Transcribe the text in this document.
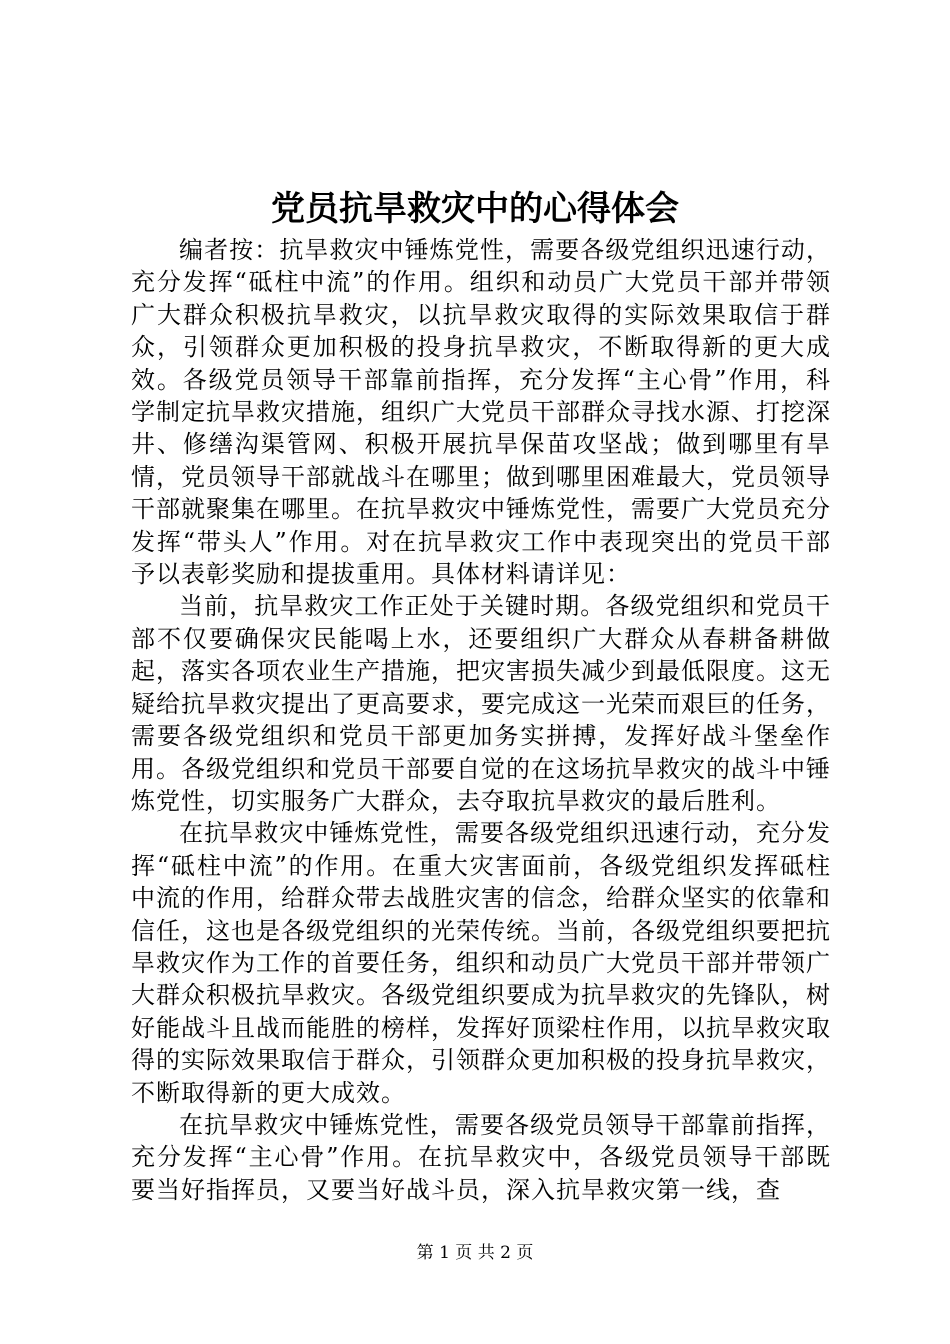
党员抗旱救灾中的心得体会

编者按：抗旱救灾中锤炼党性，需要各级党组织迅速行动，充分发挥“砥柱中流”的作用。组织和动员广大党员干部并带领广大群众积极抗旱救灾，以抗旱救灾取得的实际效果取信于群众，引领群众更加积极的投身抗旱救灾，不断取得新的更大成效。各级党员领导干部靠前指挥，充分发挥“主心骨”作用，科学制定抗旱救灾措施，组织广大党员干部群众寻找水源、打挖深井、修缮沟渠管网、积极开展抗旱保苗攻坚战；做到哪里有旱情，党员领导干部就战斗在哪里；做到哪里困难最大，党员领导干部就聚集在哪里。在抗旱救灾中锤炼党性，需要广大党员充分发挥“带头人”作用。对在抗旱救灾工作中表现突出的党员干部予以表彰奖励和提拔重用。具体材料请详见：

当前，抗旱救灾工作正处于关键时期。各级党组织和党员干部不仅要确保灾民能喝上水，还要组织广大群众从春耕备耕做起，落实各项农业生产措施，把灾害损失减少到最低限度。这无疑给抗旱救灾提出了更高要求，要完成这一光荣而艰巨的任务，需要各级党组织和党员干部更加务实拼搏，发挥好战斗堡垒作用。各级党组织和党员干部要自觉的在这场抗旱救灾的战斗中锤炼党性，切实服务广大群众，去夺取抗旱救灾的最后胜利。

在抗旱救灾中锤炼党性，需要各级党组织迅速行动，充分发挥“砥柱中流”的作用。在重大灾害面前，各级党组织发挥砥柱中流的作用，给群众带去战胜灾害的信念，给群众坚实的依靠和信任，这也是各级党组织的光荣传统。当前，各级党组织要把抗旱救灾作为工作的首要任务，组织和动员广大党员干部并带领广大群众积极抗旱救灾。各级党组织要成为抗旱救灾的先锋队，树好能战斗且战而能胜的榜样，发挥好顶梁柱作用，以抗旱救灾取得的实际效果取信于群众，引领群众更加积极的投身抗旱救灾，不断取得新的更大成效。

在抗旱救灾中锤炼党性，需要各级党员领导干部靠前指挥，充分发挥“主心骨”作用。在抗旱救灾中，各级党员领导干部既要当好指挥员，又要当好战斗员，深入抗旱救灾第一线，查

第 1 页 共 2 页
